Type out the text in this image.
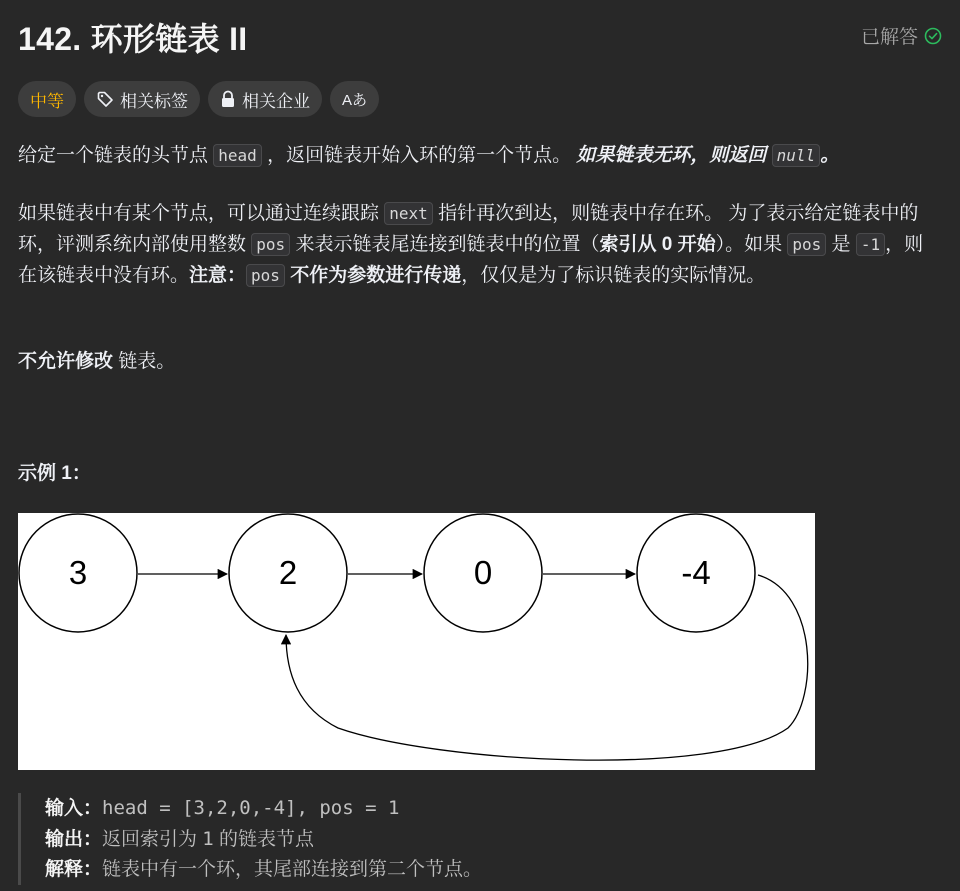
142. 环形链表 II	已解答
中等	相关标签	相关企业 Aあ

给定一个链表的头节点 head ，返回链表开始入环的第一个节点。 如果链表无环，则返回 null 。

如果链表中有某个节点，可以通过连续跟踪 next 指针再次到达，则链表中存在环。 为了表示给定链表中的环，评测系统内部使用整数 pos 来表示链表尾连接到链表中的位置（索引从 0 开始）。如果 pos 是 -1 ，则在该链表中没有环。注意： pos 不作为参数进行传递，仅仅是为了标识链表的实际情况。

不允许修改 链表。

示例 1：
3	2	0	-4
输入：head = [3,2,0,-4], pos = 1
输出：返回索引为 1 的链表节点
解释：链表中有一个环，其尾部连接到第二个节点。
